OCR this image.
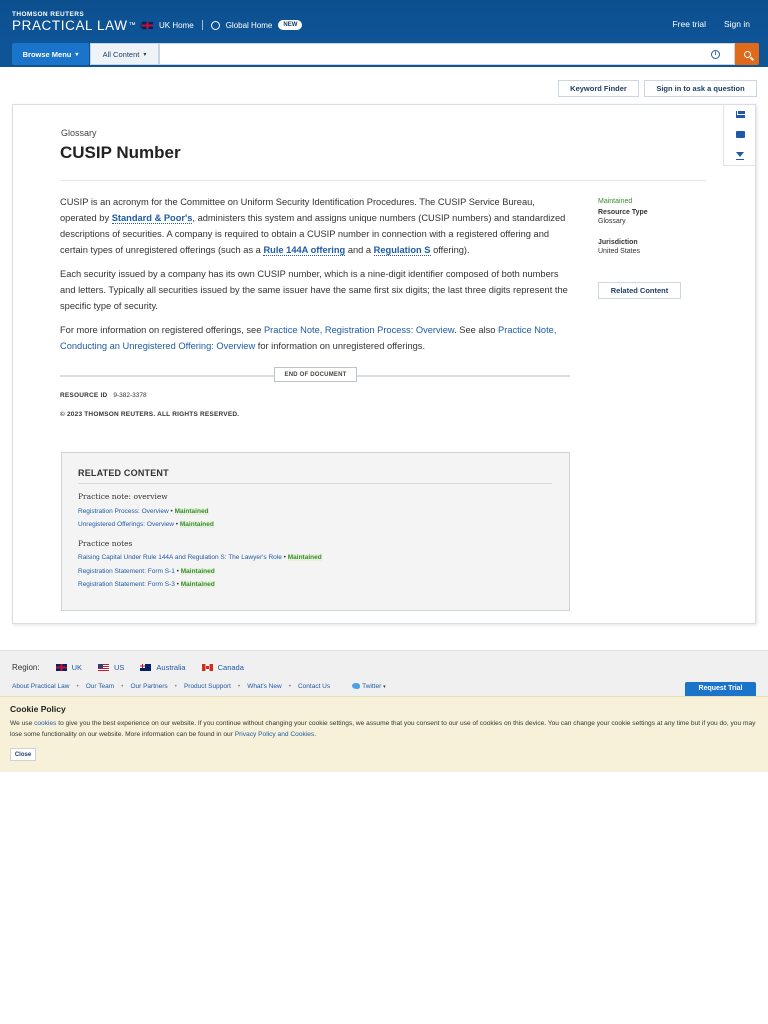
THOMSON REUTERS
PRACTICAL LAW ™	UK Home	Global Home	NEW	Free trial Sign in
Browse Menu ▾	All Content ▾	i
Keyword Finder	Sign in to ask a question
Glossary
CUSIP Number

CUSIP is an acronym for the Committee on Uniform Security Identification Procedures. The CUSIP Service Bureau, operated by Standard & Poor's, administers this system and assigns unique numbers (CUSIP numbers) and standardized descriptions of securities. A company is required to obtain a CUSIP number in connection with a registered offering and certain types of unregistered offerings (such as a Rule 144A offering and a Regulation S offering).

Each security issued by a company has its own CUSIP number, which is a nine-digit identifier composed of both numbers and letters. Typically all securities issued by the same issuer have the same first six digits; the last three digits represent the specific type of security.

For more information on registered offerings, see Practice Note, Registration Process: Overview. See also Practice Note, Conducting an Unregistered Offering: Overview for information on unregistered offerings.

Maintained
Resource Type
Glossary
Jurisdiction
United States
Related Content
END OF DOCUMENT
RESOURCE ID 9-382-3378
© 2023 THOMSON REUTERS. ALL RIGHTS RESERVED.
RELATED CONTENT
Practice note: overview
Registration Process: Overview • Maintained
Unregistered Offerings: Overview • Maintained
Practice notes
Raising Capital Under Rule 144A and Regulation S: The Lawyer's Role • Maintained
Registration Statement: Form S-1 • Maintained
Registration Statement: Form S-3 • Maintained
Region:	UK	US	Australia	Canada
About Practical Law • Our Team • Our Partners • Product Support • What's New • Contact Us	Twitter ▾	Request Trial
Cookie Policy
We use cookies to give you the best experience on our website. If you continue without changing your cookie settings, we assume that you consent to our use of cookies on this device. You can change your cookie settings at any time but if you do, you may lose some functionality on our website. More information can be found in our Privacy Policy and Cookies.
Close
